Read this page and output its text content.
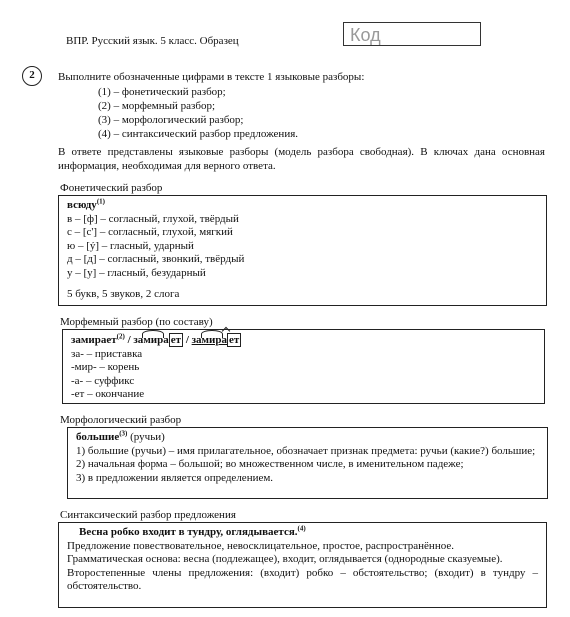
ВПР. Русский язык. 5 класс. Образец	Код
2	Выполните обозначенные цифрами в тексте 1 языковые разборы:
(1) – фонетический разбор;
(2) – морфемный разбор;
(3) – морфологический разбор;
(4) – синтаксический разбор предложения.
В ответе представлены языковые разборы (модель разбора свободная). В ключах дана основная информация, необходимая для верного ответа.
Фонетический разбор
всюду$^{(1)}$
в – [ф] – согласный, глухой, твёрдый
с – [с'] – согласный, глухой, мягкий
ю – [ý] – гласный, ударный
д – [д] – согласный, звонкий, твёрдый
у – [у] – гласный, безударный
5 букв, 5 звуков, 2 слога
Морфемный разбор (по составу)
замирает$^{(2)}$ / замира ет / замира ет
за- – приставка
-мир- – корень
-а- – суффикс
-ет – окончание
Морфологический разбор
большие$^{(3)}$ (ручьи)
1) большие (ручьи) – имя прилагательное, обозначает признак предмета: ручьи (какие?) большие;
2) начальная форма – большой; во множественном числе, в именительном падеже;
3) в предложении является определением.
Синтаксический разбор предложения
Весна робко входит в тундру, оглядывается.$^{(4)}$
Предложение повествовательное, невосклицательное, простое, распространённое.
Грамматическая основа: весна (подлежащее), входит, оглядывается (однородные сказуемые).
Второстепенные члены предложения: (входит) робко – обстоятельство; (входит) в тундру – обстоятельство.
